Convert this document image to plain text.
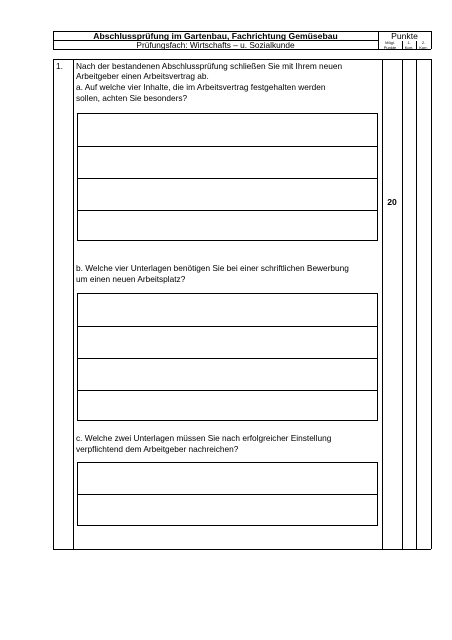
Abschlussprüfung im Gartenbau, Fachrichtung Gemüsebau
Prüfungsfach: Wirtschafts – u. Sozialkunde
Punkte
Mögl.
Punkte
1.
Korr.
2.
Korr.
1. Nach der bestandenen Abschlussprüfung schließen Sie mit Ihrem neuen
Arbeitgeber einen Arbeitsvertrag ab.
a. Auf welche vier Inhalte, die im Arbeitsvertrag festgehalten werden
sollen, achten Sie besonders?
20
b. Welche vier Unterlagen benötigen Sie bei einer schriftlichen Bewerbung
um einen neuen Arbeitsplatz?
c. Welche zwei Unterlagen müssen Sie nach erfolgreicher Einstellung
verpflichtend dem Arbeitgeber nachreichen?
